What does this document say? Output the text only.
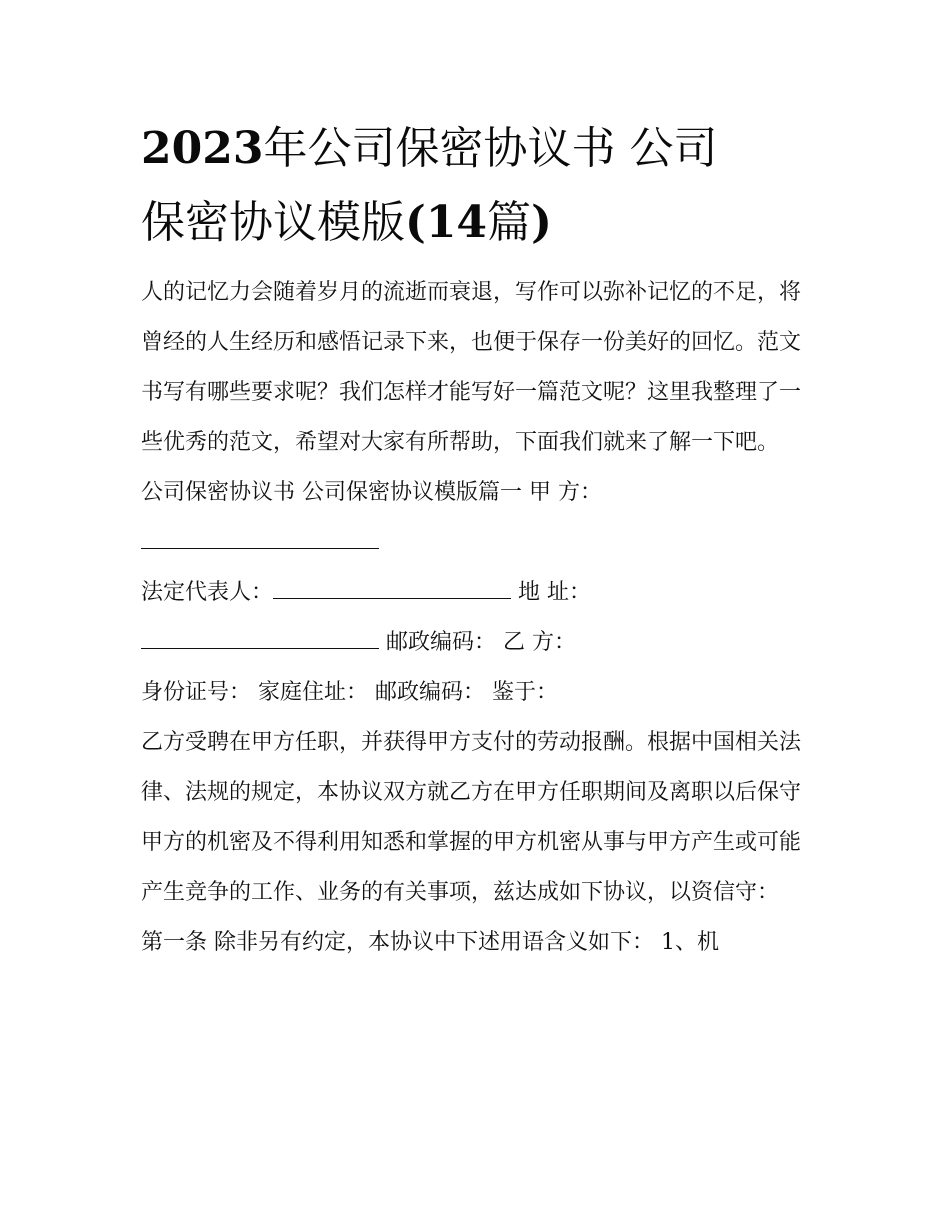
2023年公司保密协议书 公司
保密协议模版(14篇)

人的记忆力会随着岁月的流逝而衰退，写作可以弥补记忆的不足，将曾经的人生经历和感悟记录下来，也便于保存一份美好的回忆。范文书写有哪些要求呢？我们怎样才能写好一篇范文呢？这里我整理了一些优秀的范文，希望对大家有所帮助，下面我们就来了解一下吧。

公司保密协议书 公司保密协议模版篇一 甲 方：

法定代表人：	地 址：

邮政编码： 乙 方：

身份证号： 家庭住址： 邮政编码： 鉴于：

乙方受聘在甲方任职，并获得甲方支付的劳动报酬。根据中国相关法律、法规的规定，本协议双方就乙方在甲方任职期间及离职以后保守甲方的机密及不得利用知悉和掌握的甲方机密从事与甲方产生或可能产生竞争的工作、业务的有关事项，兹达成如下协议，以资信守：

第一条 除非另有约定，本协议中下述用语含义如下： 1、机
